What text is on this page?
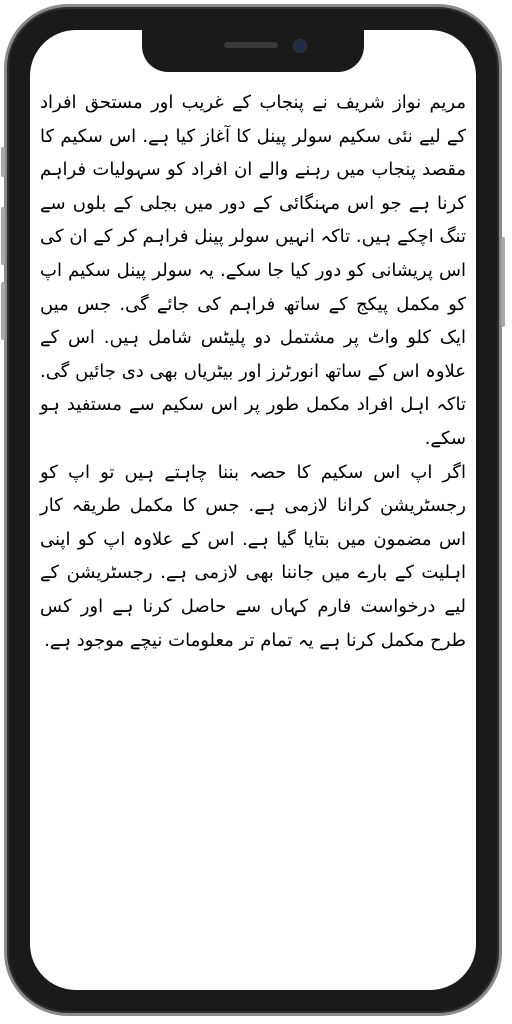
مریم نواز شریف نے پنجاب کے غریب اور مستحق افراد کے لیے نئی سکیم سولر پینل کا آغاز کیا ہے. اس سکیم کا مقصد پنجاب میں رہنے والے ان افراد کو سہولیات فراہم کرنا ہے جو اس مہنگائی کے دور میں بجلی کے بلوں سے تنگ اچکے ہیں. تاکہ انہیں سولر پینل فراہم کر کے ان کی اس پریشانی کو دور کیا جا سکے. یہ سولر پینل سکیم اپ کو مکمل پیکج کے ساتھ فراہم کی جائے گی. جس میں ایک کلو واٹ پر مشتمل دو پلیٹس شامل ہیں. اس کے علاوہ اس کے ساتھ انورٹرز اور بیٹریاں بھی دی جائیں گی. تاکہ اہل افراد مکمل طور پر اس سکیم سے مستفید ہو سکے.

اگر اپ اس سکیم کا حصہ بننا چاہتے ہیں تو اپ کو رجسٹریشن کرانا لازمی ہے. جس کا مکمل طریقہ کار اس مضمون میں بتایا گیا ہے. اس کے علاوہ اپ کو اپنی اہلیت کے بارے میں جاننا بھی لازمی ہے. رجسٹریشن کے لیے درخواست فارم کہاں سے حاصل کرنا ہے اور کس طرح مکمل کرنا ہے یہ تمام تر معلومات نیچے موجود ہے.
